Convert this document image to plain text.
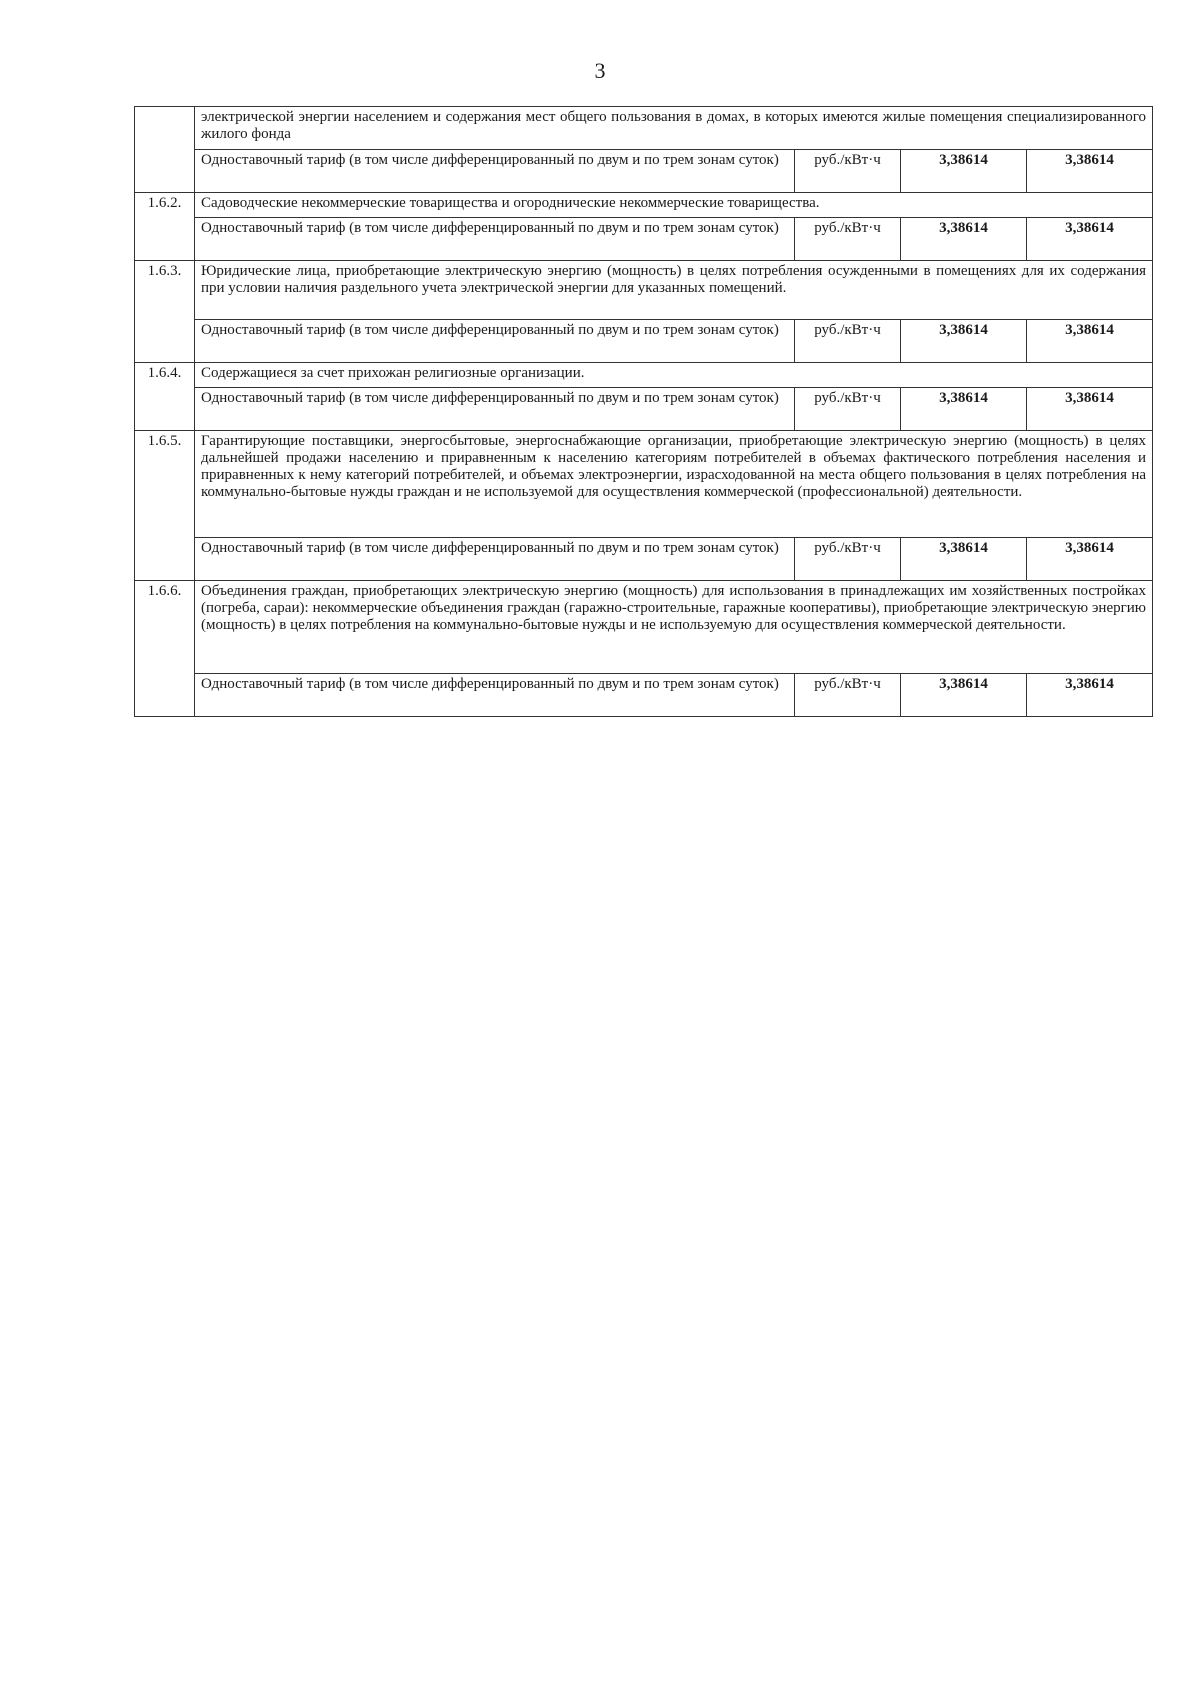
3
	электрической энергии населением и содержания мест общего пользования в домах, в которых имеются жилые помещения специализированного жилого фонда			
	Одноставочный тариф (в том числе дифференцированный по двум и по трем зонам суток)	руб./кВт·ч	3,38614	3,38614
1.6.2.	Садоводческие некоммерческие товарищества и огороднические некоммерческие товарищества.			
	Одноставочный тариф (в том числе дифференцированный по двум и по трем зонам суток)	руб./кВт·ч	3,38614	3,38614
1.6.3.	Юридические лица, приобретающие электрическую энергию (мощность) в целях потребления осужденными в помещениях для их содержания при условии наличия раздельного учета электрической энергии для указанных помещений.			
	Одноставочный тариф (в том числе дифференцированный по двум и по трем зонам суток)	руб./кВт·ч	3,38614	3,38614
1.6.4.	Содержащиеся за счет прихожан религиозные организации.			
	Одноставочный тариф (в том числе дифференцированный по двум и по трем зонам суток)	руб./кВт·ч	3,38614	3,38614
1.6.5.	Гарантирующие поставщики, энергосбытовые, энергоснабжающие организации, приобретающие электрическую энергию (мощность) в целях дальнейшей продажи населению и приравненным к населению категориям потребителей в объемах фактического потребления населения и приравненных к нему категорий потребителей, и объемах электроэнергии, израсходованной на места общего пользования в целях потребления на коммунально-бытовые нужды граждан и не используемой для осуществления коммерческой (профессиональной) деятельности.			
	Одноставочный тариф (в том числе дифференцированный по двум и по трем зонам суток)	руб./кВт·ч	3,38614	3,38614
1.6.6.	Объединения граждан, приобретающих электрическую энергию (мощность) для использования в принадлежащих им хозяйственных постройках (погреба, сараи): некоммерческие объединения граждан (гаражно-строительные, гаражные кооперативы), приобретающие электрическую энергию (мощность) в целях потребления на коммунально-бытовые нужды и не используемую для осуществления коммерческой деятельности.			
	Одноставочный тариф (в том числе дифференцированный по двум и по трем зонам суток)	руб./кВт·ч	3,38614	3,38614
